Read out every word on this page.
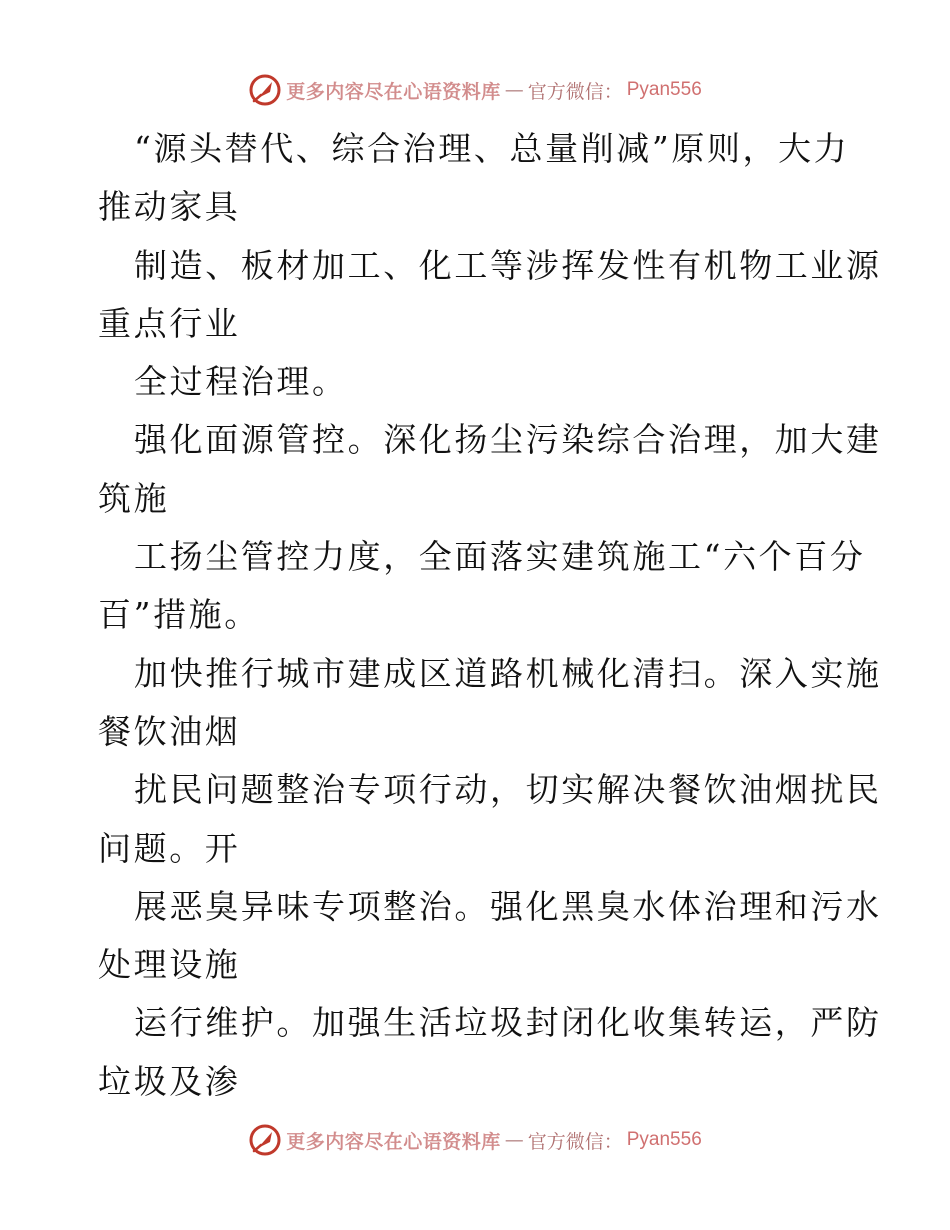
更多内容尽在心语资料库 — 官方微信： Pyan556
“源头替代、综合治理、总量削减”原则，大力
推动家具
制造、板材加工、化工等涉挥发性有机物工业源
重点行业
全过程治理。
强化面源管控。深化扬尘污染综合治理，加大建
筑施
工扬尘管控力度，全面落实建筑施工“六个百分
百”措施。
加快推行城市建成区道路机械化清扫。深入实施
餐饮油烟
扰民问题整治专项行动，切实解决餐饮油烟扰民
问题。开
展恶臭异味专项整治。强化黑臭水体治理和污水
处理设施
运行维护。加强生活垃圾封闭化收集转运，严防
垃圾及渗
更多内容尽在心语资料库 — 官方微信： Pyan556
